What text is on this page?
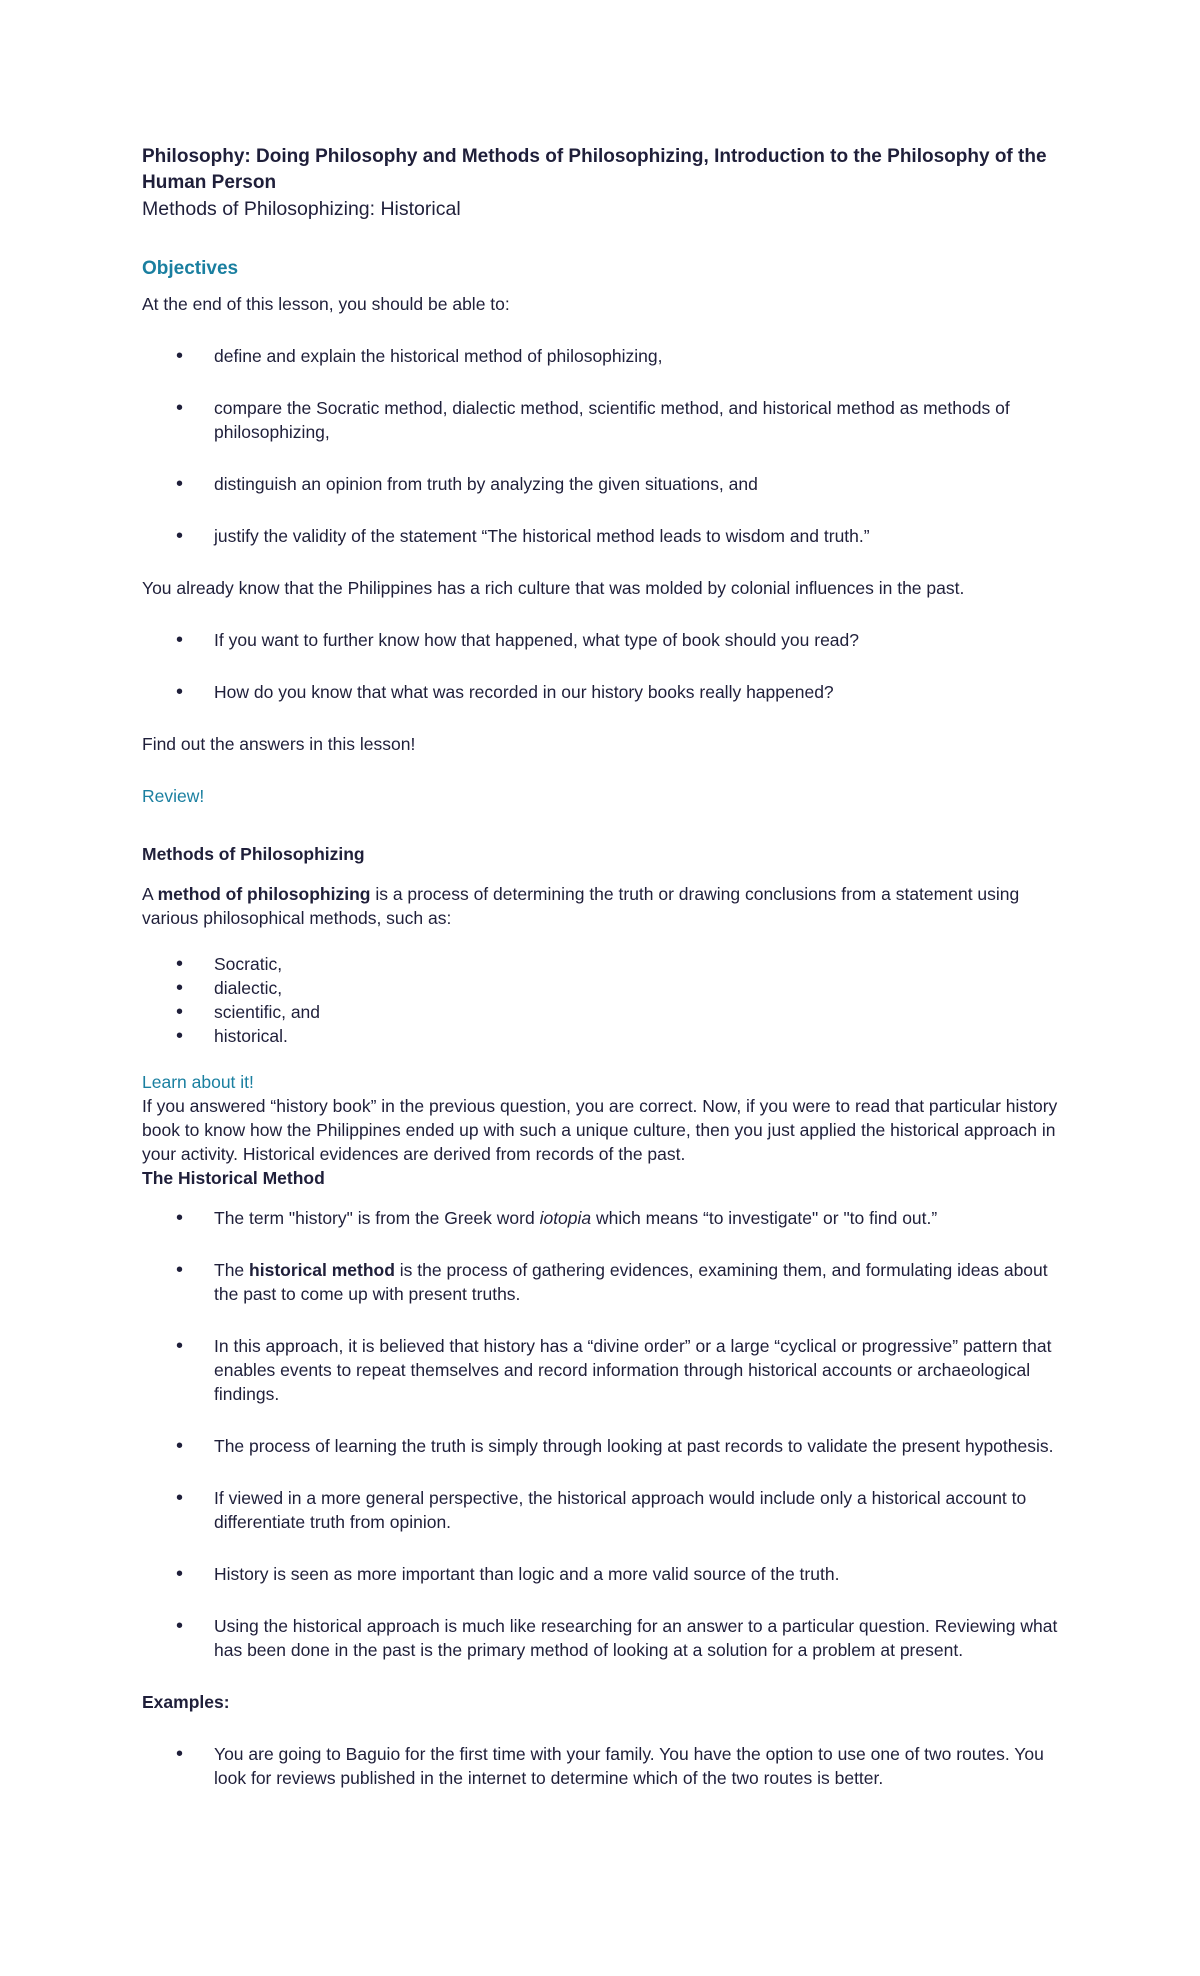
Philosophy: Doing Philosophy and Methods of Philosophizing, Introduction to the Philosophy of the Human Person
Methods of Philosophizing: Historical
Objectives

At the end of this lesson, you should be able to:

• define and explain the historical method of philosophizing,
• compare the Socratic method, dialectic method, scientific method, and historical method as methods of philosophizing,
• distinguish an opinion from truth by analyzing the given situations, and
• justify the validity of the statement “The historical method leads to wisdom and truth.”

You already know that the Philippines has a rich culture that was molded by colonial influences in the past.

• If you want to further know how that happened, what type of book should you read?
• How do you know that what was recorded in our history books really happened?

Find out the answers in this lesson!

Review!

Methods of Philosophizing

A method of philosophizing is a process of determining the truth or drawing conclusions from a statement using various philosophical methods, such as:

• Socratic,
• dialectic,
• scientific, and
• historical.

Learn about it!

If you answered “history book” in the previous question, you are correct. Now, if you were to read that particular history book to know how the Philippines ended up with such a unique culture, then you just applied the historical approach in your activity. Historical evidences are derived from records of the past.

The Historical Method

• The term "history" is from the Greek word iotopia which means “to investigate" or "to find out.”
• The historical method is the process of gathering evidences, examining them, and formulating ideas about the past to come up with present truths.
• In this approach, it is believed that history has a “divine order” or a large “cyclical or progressive” pattern that enables events to repeat themselves and record information through historical accounts or archaeological findings.
• The process of learning the truth is simply through looking at past records to validate the present hypothesis.
• If viewed in a more general perspective, the historical approach would include only a historical account to differentiate truth from opinion.
• History is seen as more important than logic and a more valid source of the truth.
• Using the historical approach is much like researching for an answer to a particular question. Reviewing what has been done in the past is the primary method of looking at a solution for a problem at present.

Examples:

• You are going to Baguio for the first time with your family. You have the option to use one of two routes. You look for reviews published in the internet to determine which of the two routes is better.
